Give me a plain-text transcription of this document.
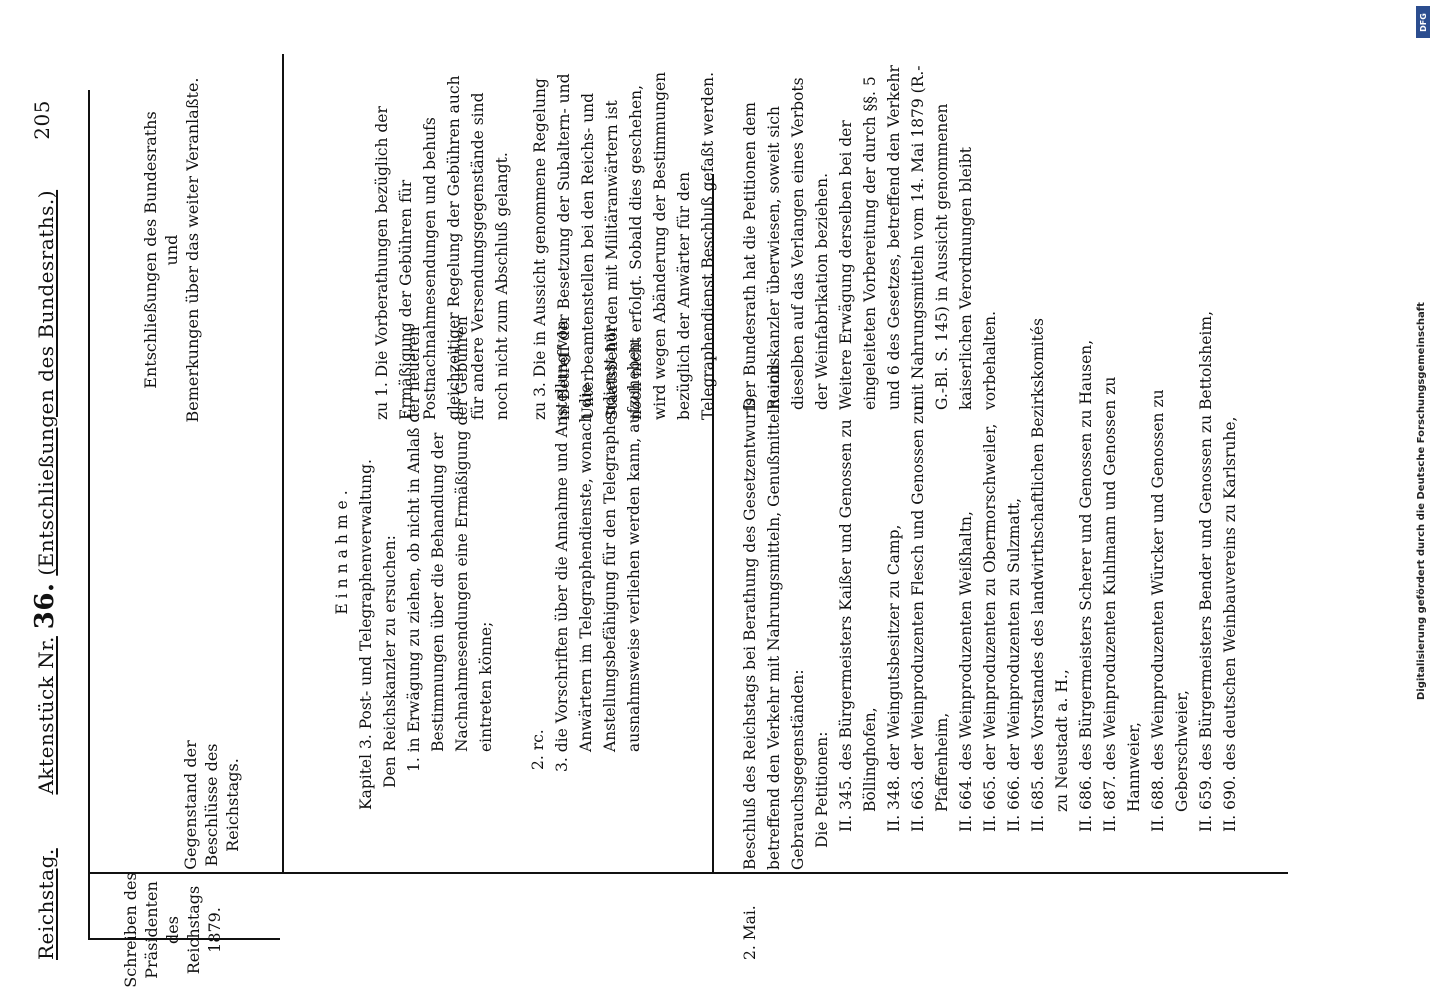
Reichstag.  Aktenstück Nr. 36. (Entschließungen des Bundesraths.)
205
Schreiben des Präsidenten des Reichstags 1879.
Gegenstand der Beschlüsse des Reichstags.
Entschließungen des Bundesraths und Bemerkungen über das weiter Veranlaßte.

Einnahme. Kapitel 3. Post- und Telegraphenverwaltung. Den Reichskanzler zu ersuchen: 1. in Erwägung zu ziehen, ob nicht in Anlaß der neueren Bestimmungen über die Behandlung der Nachnahmesendungen eine Ermäßigung der Gebühren eintreten könne; 2. rc. 3. die Vorschriften über die Annahme und Anstellung von Anwärtern im Telegraphendienste, wonach die Anstellungsbefähigung für den Telegraphendienst nur ausnahmsweise verliehen werden kann, aufzuheben.

zu 1. Die Vorberathungen bezüglich der Ermäßigung der Gebühren für Postnachnahmesendungen und behufs gleichzeitiger Regelung der Gebühren auch für andere Versendungsgegenstände sind noch nicht zum Abschluß gelangt. zu 3. Die in Aussicht genommene Regelung in Betreff der Besetzung der Subaltern- und Unterbeamtenstellen bei den Reichs- und Staatsbehörden mit Militäranwärtern ist noch nicht erfolgt. Sobald dies geschehen, wird wegen Abänderung der Bestimmungen bezüglich der Anwärter für den Telegraphendienst Beschluß gefaßt werden.

2. Mai.

Beschluß des Reichstags bei Berathung des Gesetzentwurfs, betreffend den Verkehr mit Nahrungsmitteln, Genußmitteln und Gebrauchsgegenständen: Die Petitionen: II. 345. des Bürgermeisters Kaißer und Genossen zu Böllinghofen, II. 348. der Weingutsbesitzer zu Camp, II. 663. der Weinproduzenten Flesch und Genossen zu Pfaffenheim, II. 664. des Weinproduzenten Weißhaltn, II. 665. der Weinproduzenten zu Obermorschweiler, II. 666. der Weinproduzenten zu Sulzmatt, II. 685. des Vorstandes des landwirthschaftlichen Bezirkskomités zu Neustadt a. H., II. 686. des Bürgermeisters Scherer und Genossen zu Hausen, II. 687. des Weinproduzenten Kuhlmann und Genossen zu Hannweier, II. 688. des Weinproduzenten Würcker und Genossen zu Geberschweier, II. 659. des Bürgermeisters Bender und Genossen zu Bettolsheim, II. 690. des deutschen Weinbauvereins zu Karlsruhe,

Der Bundesrath hat die Petitionen dem Reichskanzler überwiesen, soweit sich dieselben auf das Verlangen eines Verbots der Weinfabrikation beziehen. Weitere Erwägung derselben bei der eingeleiteten Vorbereitung der durch §§. 5 und 6 des Gesetzes, betreffend den Verkehr mit Nahrungsmitteln vom 14. Mai 1879 (R.-G.-Bl. S. 145) in Aussicht genommenen kaiserlichen Verordnungen bleibt vorbehalten.

DFG
Digitalisierung gefördert durch die Deutsche Forschungsgemeinschaft
